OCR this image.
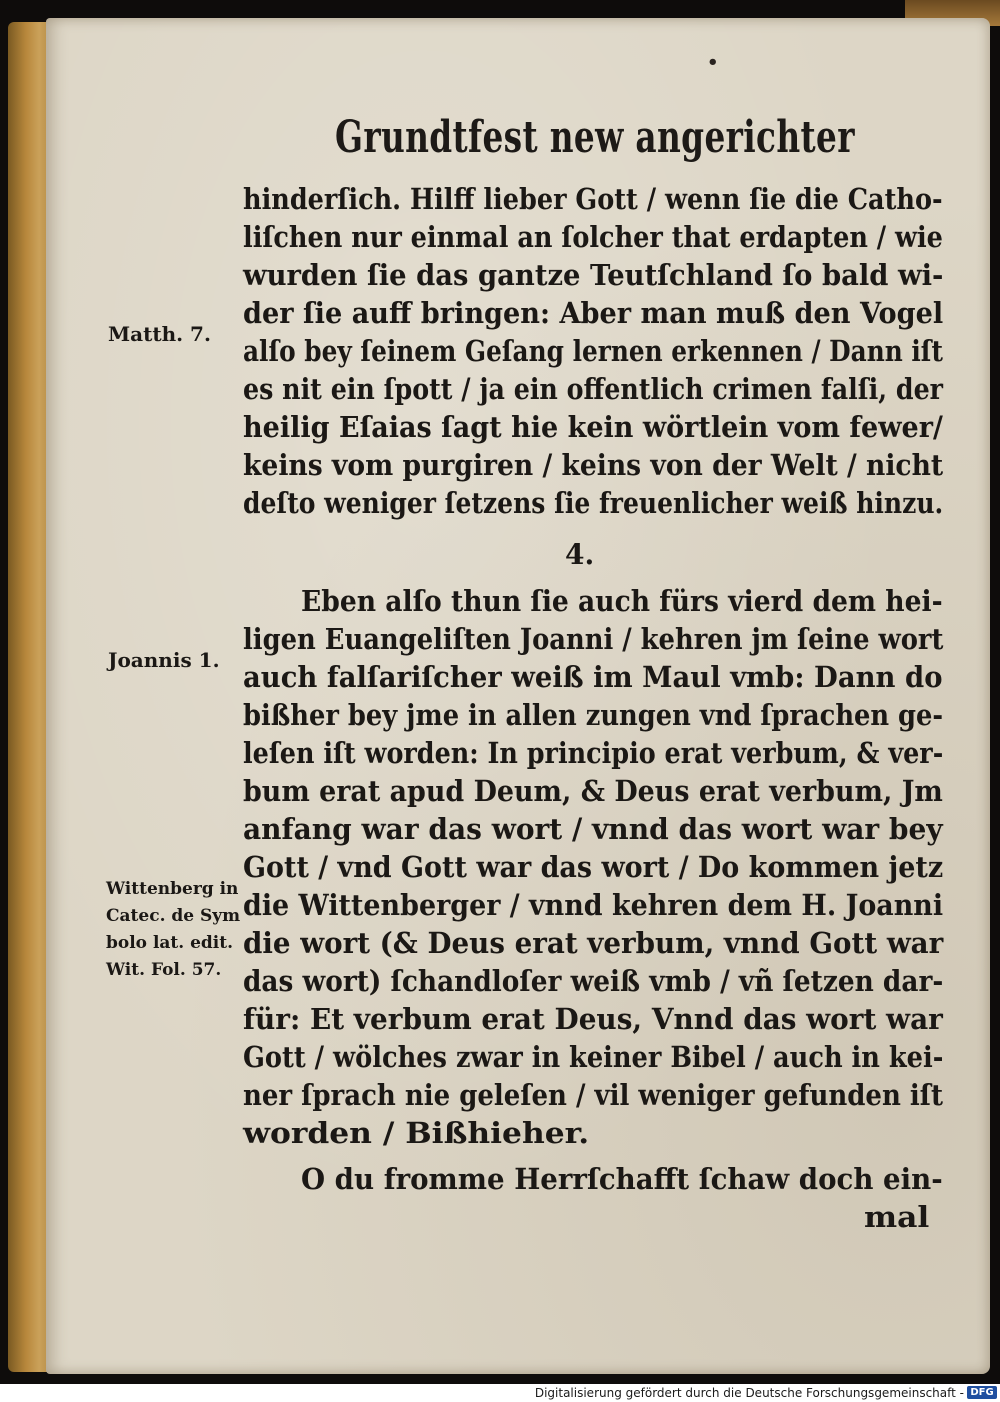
•
Grundtfest new angerichter
hinderſich. Hilff lieber Gott / wenn ſie die Catho-
liſchen nur einmal an ſolcher that erdapten / wie
wurden ſie das gantze Teutſchland ſo bald wi-
der ſie auff bringen: Aber man muß den Vogel
alſo bey ſeinem Geſang lernen erkennen / Dann iſt
es nit ein ſpott / ja ein offentlich crimen falſi, der
heilig Eſaias ſagt hie kein wörtlein vom fewer/
keins vom purgiren / keins von der Welt / nicht
deſto weniger ſetzens ſie freuenlicher weiß hinzu.
4.
Eben alſo thun ſie auch fürs vierd dem hei-
ligen Euangeliſten Joanni / kehren jm ſeine wort
auch falſariſcher weiß im Maul vmb: Dann do
bißher bey jme in allen zungen vnd ſprachen ge-
leſen iſt worden: In principio erat verbum, & ver-
bum erat apud Deum, & Deus erat verbum, Jm
anfang war das wort / vnnd das wort war bey
Gott / vnd Gott war das wort / Do kommen jetz
die Wittenberger / vnnd kehren dem H. Joanni
die wort (& Deus erat verbum, vnnd Gott war
das wort) ſchandloſer weiß vmb / vñ ſetzen dar-
für: Et verbum erat Deus, Vnnd das wort war
Gott / wölches zwar in keiner Bibel / auch in kei-
ner ſprach nie geleſen / vil weniger gefunden iſt
worden / Bißhieher.
O du fromme Herrſchafft ſchaw doch ein-
mal
Matth. 7.
Joannis 1.
Wittenberg in
Catec. de Sym
bolo lat. edit.
Wit. Fol. 57.
Digitalisierung gefördert durch die Deutsche Forschungsgemeinschaft - DFG
